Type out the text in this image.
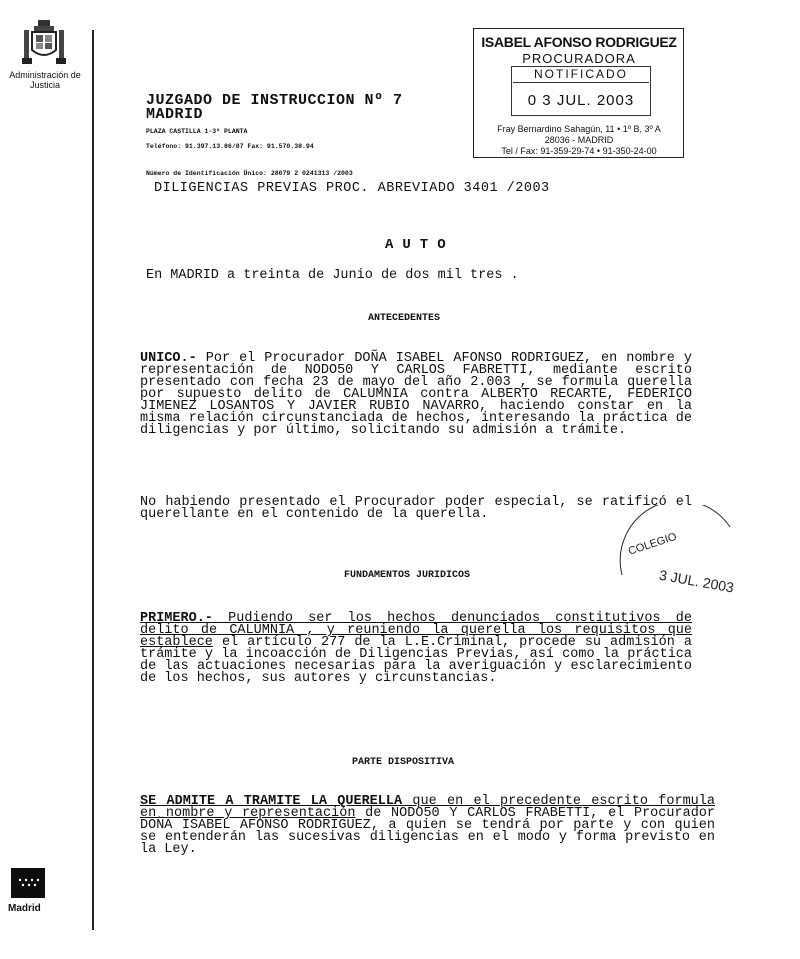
Administración de Justicia
Madrid
ISABEL AFONSO RODRIGUEZ
PROCURADORA
NOTIFICADO
0 3 JUL. 2003
Fray Bernardino Sahagún, 11 • 1º B, 3º A
28036 - MADRID
Tel / Fax: 91-359-29-74 • 91-350-24-00
JUZGADO DE INSTRUCCION Nº 7
MADRID
PLAZA CASTILLA 1-3ª PLANTA
Teléfono: 91.397.13.86/87 Fax: 91.570.38.94
Número de Identificación Único: 28079 2 0241313 /2003
DILIGENCIAS PREVIAS PROC. ABREVIADO 3401 /2003
AUTO
En MADRID a treinta de Junio de dos mil tres .
ANTECEDENTES
UNICO.- Por el Procurador DOÑA ISABEL AFONSO RODRIGUEZ, en nombre y representación de NODO50 Y CARLOS FABRETTI, mediante escrito presentado con fecha 23 de mayo del año 2.003 , se formula querella por supuesto delito de CALUMNIA contra ALBERTO RECARTE, FEDERICO JIMENEZ LOSANTOS Y JAVIER RUBIO NAVARRO, haciendo constar en la misma relación circunstanciada de hechos, interesando la práctica de diligencias y por último, solicitando su admisión a trámite.
No habiendo presentado el Procurador poder especial, se ratificó el querellante en el contenido de la querella.
COLEGIO
3 JUL. 2003
FUNDAMENTOS JURIDICOS
PRIMERO.- Pudiendo ser los hechos denunciados constitutivos de delito de CALUMNIA , y reuniendo la querella los requisitos que establece el artículo 277 de la L.E.Criminal, procede su admisión a trámite y la incoacción de Diligencias Previas, así como la práctica de las actuaciones necesarias para la averiguación y esclarecimiento de los hechos, sus autores y circunstancias.
PARTE DISPOSITIVA
SE ADMITE A TRAMITE LA QUERELLA que en el precedente escrito formula en nombre y representación de NODO50 Y CARLOS FRABETTI, el Procurador DOÑA ISABEL AFONSO RODRIGUEZ, a quien se tendrá por parte y con quien se entenderán las sucesivas diligencias en el modo y forma previsto en la Ley.
